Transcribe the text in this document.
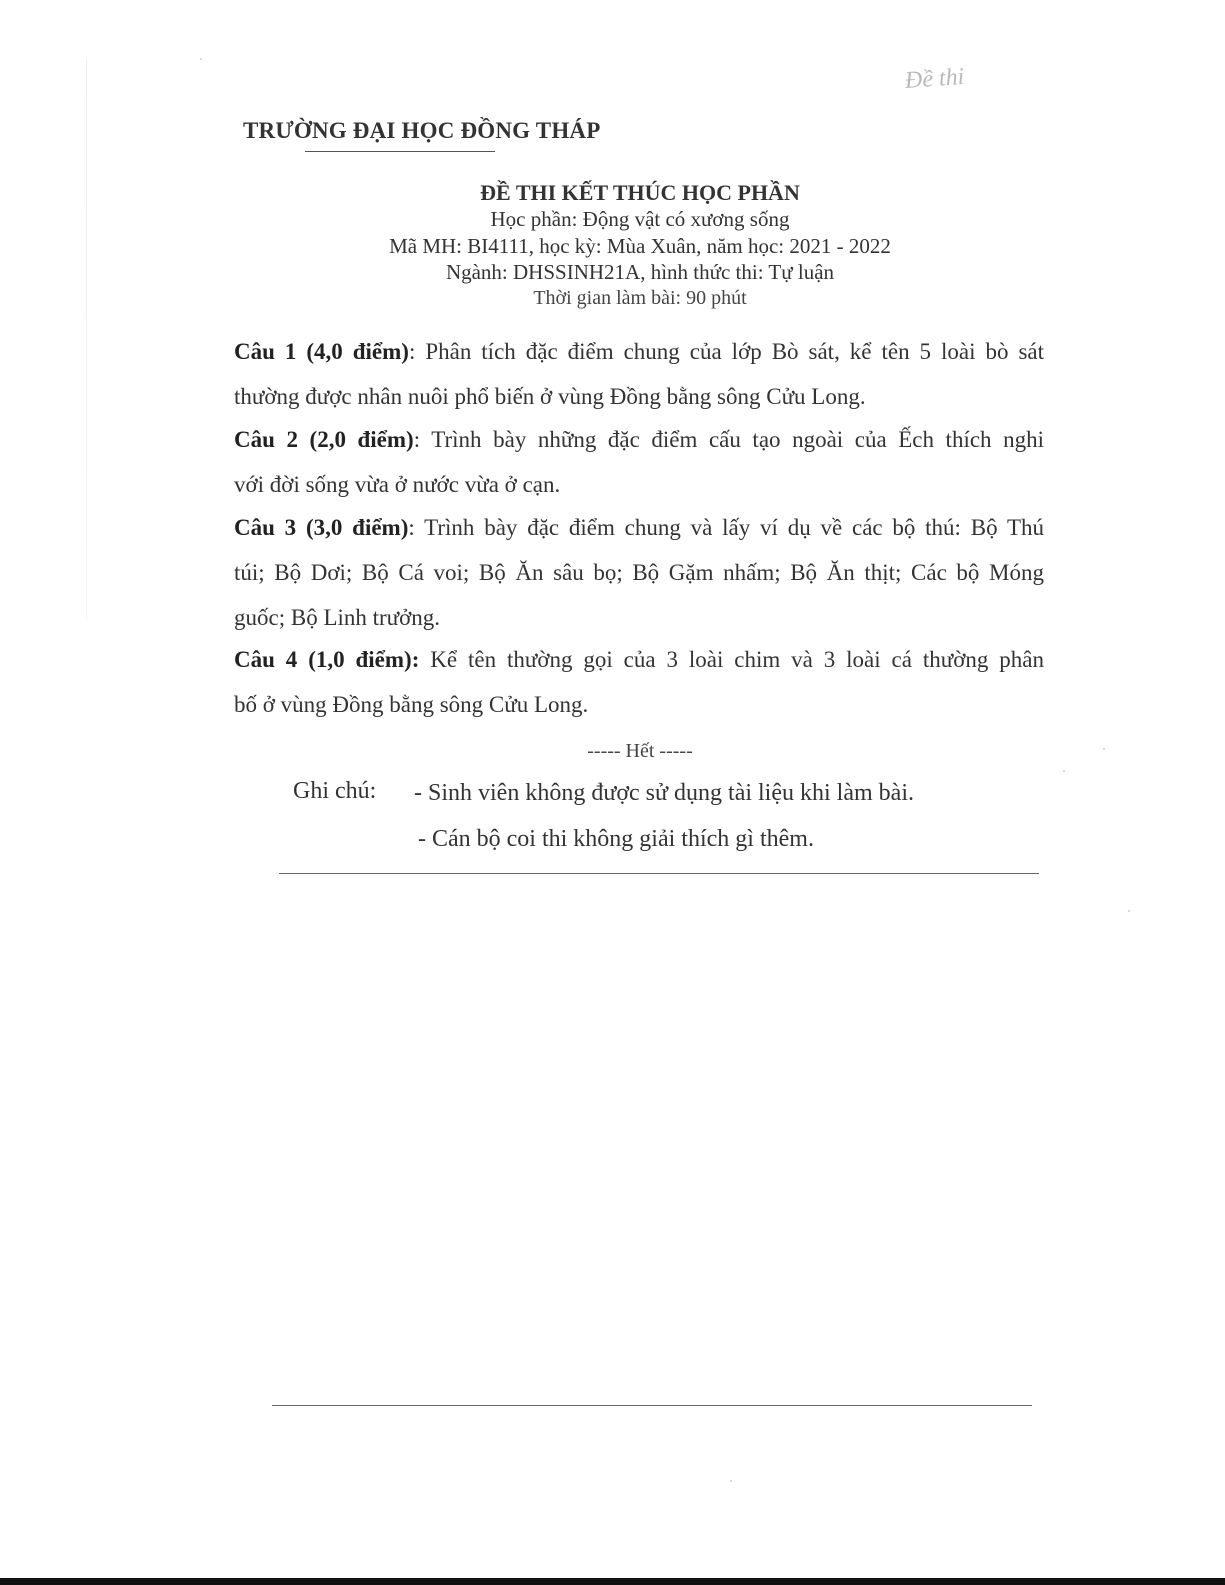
Đề thi
TRƯỜNG ĐẠI HỌC ĐỒNG THÁP
ĐỀ THI KẾT THÚC HỌC PHẦN
Học phần: Động vật có xương sống
Mã MH: BI4111, học kỳ: Mùa Xuân, năm học: 2021 - 2022
Ngành: DHSSINH21A, hình thức thi: Tự luận
Thời gian làm bài: 90 phút
Câu 1 (4,0 điểm): Phân tích đặc điểm chung của lớp Bò sát, kể tên 5 loài bò sát
thường được nhân nuôi phổ biến ở vùng Đồng bằng sông Cửu Long.
Câu 2 (2,0 điểm): Trình bày những đặc điểm cấu tạo ngoài của Ếch thích nghi
với đời sống vừa ở nước vừa ở cạn.
Câu 3 (3,0 điểm): Trình bày đặc điểm chung và lấy ví dụ về các bộ thú: Bộ Thú
túi; Bộ Dơi; Bộ Cá voi; Bộ Ăn sâu bọ; Bộ Gặm nhấm; Bộ Ăn thịt; Các bộ Móng
guốc; Bộ Linh trưởng.
Câu 4 (1,0 điểm): Kể tên thường gọi của 3 loài chim và 3 loài cá thường phân
bố ở vùng Đồng bằng sông Cửu Long.
----- Hết -----
Ghi chú: - Sinh viên không được sử dụng tài liệu khi làm bài.
- Cán bộ coi thi không giải thích gì thêm.
